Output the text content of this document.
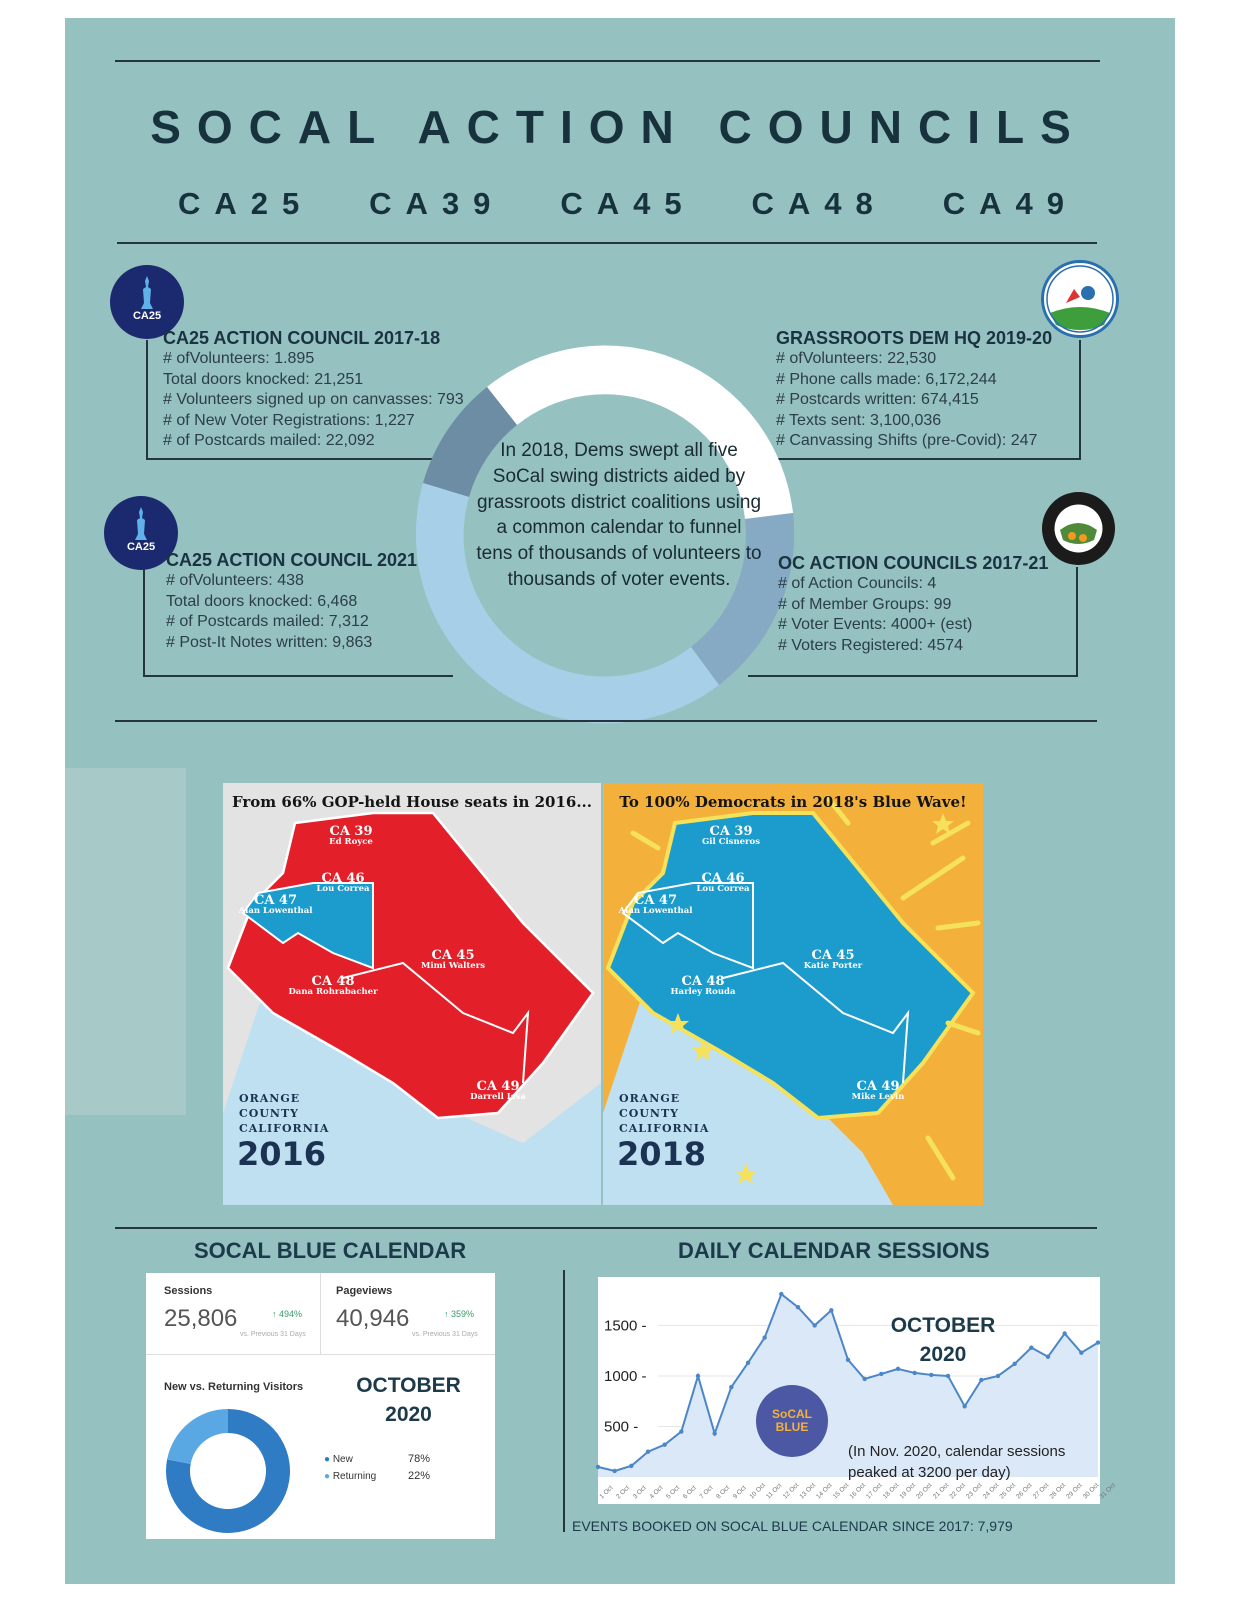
SOCAL ACTION COUNCILS
CA25 CA39 CA45 CA48 CA49
CA25
CA25
CA25 ACTION COUNCIL 2017-18
# ofVolunteers: 1.895
Total doors knocked: 21,251
# Volunteers signed up on canvasses: 793
# of New Voter Registrations: 1,227
# of Postcards mailed: 22,092
GRASSROOTS DEM HQ 2019-20
# ofVolunteers: 22,530
# Phone calls made: 6,172,244
# Postcards written: 674,415
# Texts sent: 3,100,036
# Canvassing Shifts (pre-Covid): 247
CA25 ACTION COUNCIL 2021
# ofVolunteers: 438
Total doors knocked: 6,468
# of Postcards mailed: 7,312
# Post-It Notes written: 9,863
OC ACTION COUNCILS 2017-21
# of Action Councils: 4
# of Member Groups: 99
# Voter Events: 4000+ (est)
# Voters Registered: 4574
In 2018, Dems swept all five SoCal swing districts aided by grassroots district coalitions using a common calendar to funnel tens of thousands of volunteers to thousands of voter events.
From 66% GOP-held House seats in 2016...
CA 39
Ed Royce
CA 46
Lou Correa
CA 47
Alan Lowenthal
CA 45
Mimi Walters
CA 48
Dana Rohrabacher
CA 49
Darrell Issa
ORANGE
COUNTY
CALIFORNIA
2016
To 100% Democrats in 2018's Blue Wave!
CA 39
Gil Cisneros
CA 46
Lou Correa
CA 47
Alan Lowenthal
CA 45
Katie Porter
CA 48
Harley Rouda
CA 49
Mike Levin
ORANGE
COUNTY
CALIFORNIA
2018
SOCAL BLUE CALENDAR
Sessions
25,806	↑ 494%
vs. Previous 31 Days
Pageviews
40,946	↑ 359%
vs. Previous 31 Days
New vs. Returning Visitors	OCTOBER
2020
● New
● Returning
78%
22%
DAILY CALENDAR SESSIONS
1500 -
1000 -
500 -
1 Oct 2 Oct 3 Oct 4 Oct 5 Oct 6 Oct 7 Oct 8 Oct 9 Oct 10 Oct
11 Oct
12 Oct
13 Oct
14 Oct
15 Oct
16 Oct
17 Oct
18 Oct
19 Oct
20 Oct
21 Oct
22 Oct
23 Oct
24 Oct
25 Oct
26 Oct
27 Oct
28 Oct
29 Oct
30 Oct
31 Oct
OCTOBER
2020
SoCAL BLUE
(In Nov. 2020, calendar sessions peaked at 3200 per day)
EVENTS BOOKED ON SOCAL BLUE CALENDAR SINCE 2017: 7,979
